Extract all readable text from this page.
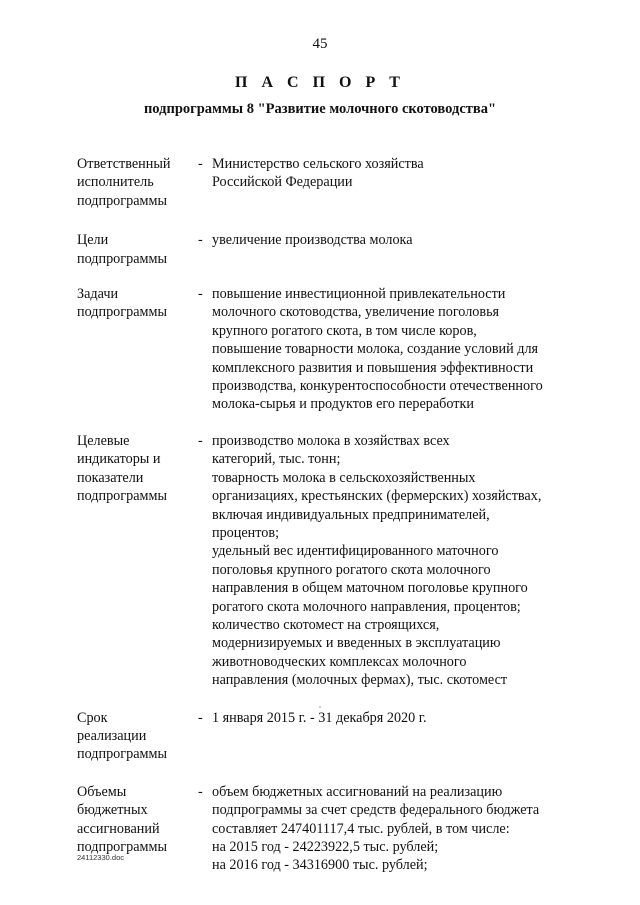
45
П А С П О Р Т
подпрограммы 8 "Развитие молочного скотоводства"
Ответственный
исполнитель
подпрограммы
- Министерство сельского хозяйства
Российской Федерации
Цели
подпрограммы
- увеличение производства молока
Задачи
подпрограммы
- повышение инвестиционной привлекательности
молочного скотоводства, увеличение поголовья
крупного рогатого скота, в том числе коров,
повышение товарности молока, создание условий для
комплексного развития и повышения эффективности
производства, конкурентоспособности отечественного
молока-сырья и продуктов его переработки
Целевые
индикаторы и
показатели
подпрограммы
- производство молока в хозяйствах всех
категорий, тыс. тонн;
товарность молока в сельскохозяйственных
организациях, крестьянских (фермерских) хозяйствах,
включая индивидуальных предпринимателей,
процентов;
удельный вес идентифицированного маточного
поголовья крупного рогатого скота молочного
направления в общем маточном поголовье крупного
рогатого скота молочного направления, процентов;
количество скотомест на строящихся,
модернизируемых и введенных в эксплуатацию
животноводческих комплексах молочного
направления (молочных фермах), тыс. скотомест
Срок
реализации
подпрограммы
- 1 января 2015 г. - 31 декабря 2020 г.
Объемы
бюджетных
ассигнований
подпрограммы
- объем бюджетных ассигнований на реализацию
подпрограммы за счет средств федерального бюджета
составляет 247401117,4 тыс. рублей, в том числе:
на 2015 год - 24223922,5 тыс. рублей;
на 2016 год - 34316900 тыс. рублей;
24112330.doc
